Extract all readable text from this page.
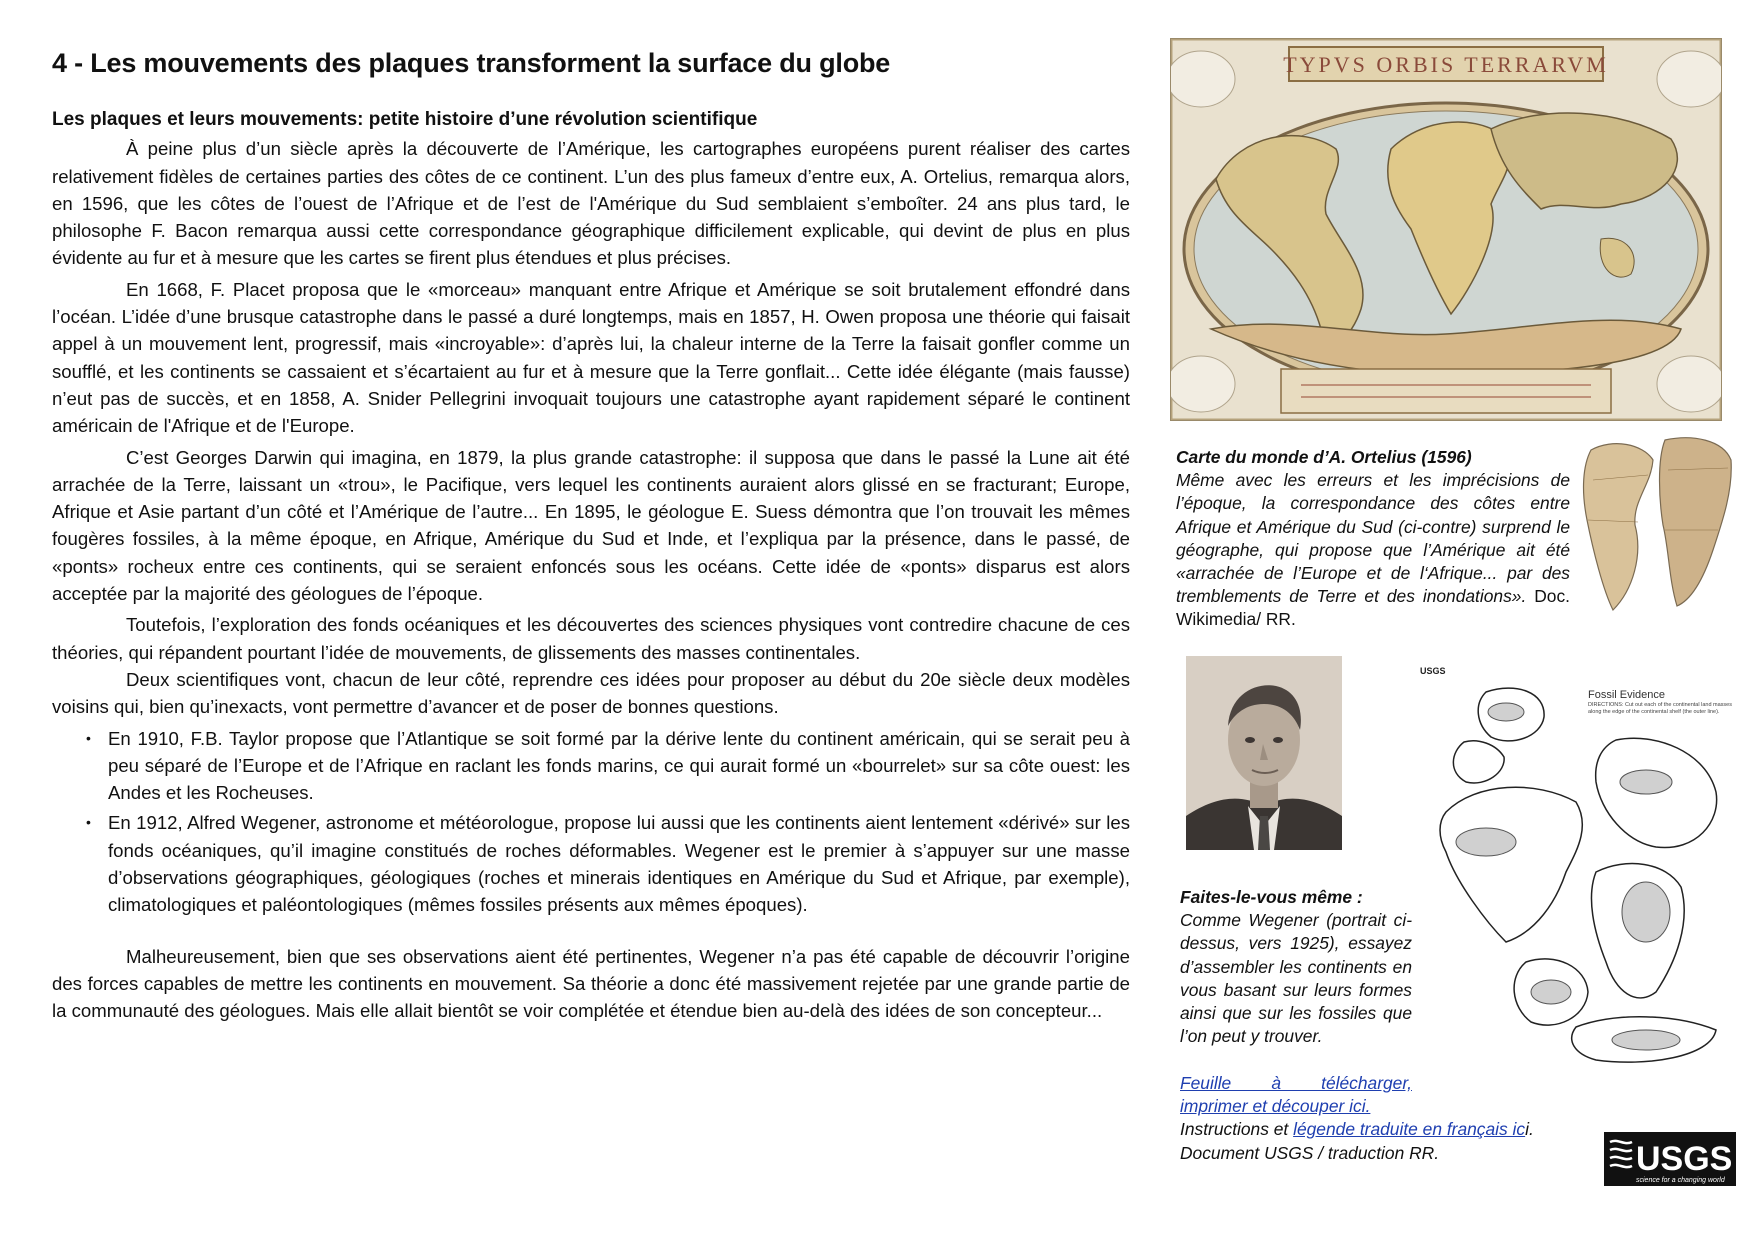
4 - Les mouvements des plaques transforment la surface du globe
Les plaques et leurs mouvements: petite histoire d’une révolution scientifique

À peine plus d’un siècle après la découverte de l’Amérique, les cartographes européens purent réaliser des cartes relativement fidèles de certaines parties des côtes de ce continent. L’un des plus fameux d’entre eux, A. Ortelius, remarqua alors, en 1596, que les côtes de l’ouest de l’Afrique et de l’est de l'Amérique du Sud semblaient s’emboîter. 24 ans plus tard, le philosophe F. Bacon remarqua aussi cette correspondance géographique difficilement explicable, qui devint de plus en plus évidente au fur et à mesure que les cartes se firent plus étendues et plus précises.

En 1668, F. Placet proposa que le «morceau» manquant entre Afrique et Amérique se soit brutalement effondré dans l’océan. L’idée d’une brusque catastrophe dans le passé a duré longtemps, mais en 1857, H. Owen proposa une théorie qui faisait appel à un mouvement lent, progressif, mais «incroyable»: d’après lui, la chaleur interne de la Terre la faisait gonfler comme un soufflé, et les continents se cassaient et s’écartaient au fur et à mesure que la Terre gonflait... Cette idée élégante (mais fausse) n’eut pas de succès, et en 1858, A. Snider Pellegrini invoquait toujours une catastrophe ayant rapidement séparé le continent américain de l'Afrique et de l'Europe.

C’est Georges Darwin qui imagina, en 1879, la plus grande catastrophe: il supposa que dans le passé la Lune ait été arrachée de la Terre, laissant un «trou», le Pacifique, vers lequel les continents auraient alors glissé en se fracturant; Europe, Afrique et Asie partant d’un côté et l’Amérique de l’autre... En 1895, le géologue E. Suess démontra que l’on trouvait les mêmes fougères fossiles, à la même époque, en Afrique, Amérique du Sud et Inde, et l’expliqua par la présence, dans le passé, de «ponts» rocheux entre ces continents, qui se seraient enfoncés sous les océans. Cette idée de «ponts» disparus est alors acceptée par la majorité des géologues de l’époque.

Toutefois, l’exploration des fonds océaniques et les découvertes des sciences physiques vont contredire chacune de ces théories, qui répandent pourtant l’idée de mouvements, de glissements des masses continentales.

Deux scientifiques vont, chacun de leur côté, reprendre ces idées pour proposer au début du 20e siècle deux modèles voisins qui, bien qu’inexacts, vont permettre d’avancer et de poser de bonnes questions.

• En 1910, F.B. Taylor propose que l’Atlantique se soit formé par la dérive lente du continent américain, qui se serait peu à peu séparé de l’Europe et de l’Afrique en raclant les fonds marins, ce qui aurait formé un «bourrelet» sur sa côte ouest: les Andes et les Rocheuses.
• En 1912, Alfred Wegener, astronome et météorologue, propose lui aussi que les continents aient lentement «dérivé» sur les fonds océaniques, qu’il imagine constitués de roches déformables. Wegener est le premier à s’appuyer sur une masse d’observations géographiques, géologiques (roches et minerais identiques en Amérique du Sud et Afrique, par exemple), climatologiques et paléontologiques (mêmes fossiles présents aux mêmes époques).

Malheureusement, bien que ses observations aient été pertinentes, Wegener n’a pas été capable de découvrir l’origine des forces capables de mettre les continents en mouvement. Sa théorie a donc été massivement rejetée par une grande partie de la communauté des géologues. Mais elle allait bientôt se voir complétée et étendue bien au-delà des idées de son concepteur...

TYPVS ORBIS TERRARVM
Carte du monde d’A. Ortelius (1596)
Même avec les erreurs et les imprécisions de l’époque, la correspondance des côtes entre Afrique et Amérique du Sud (ci-contre) surprend le géographe, qui propose que l’Amérique ait été «arrachée de l’Europe et de l‘Afrique... par des tremblements de Terre et des inondations». Doc. Wikimedia/ RR.
USGS
Fossil Evidence
DIRECTIONS: Cut out each of the continental land masses along the edge of the continental shelf (the outer line).
Faites-le-vous même :
Comme Wegener (portrait ci-dessus, vers 1925), essayez d’assembler les continents en vous basant sur leurs formes ainsi que sur les fossiles que l’on peut y trouver.
Feuille à télécharger, imprimer et découper ici.
Instructions et légende traduite en français ici.
Document USGS / traduction RR.	USGS
science for a changing world
